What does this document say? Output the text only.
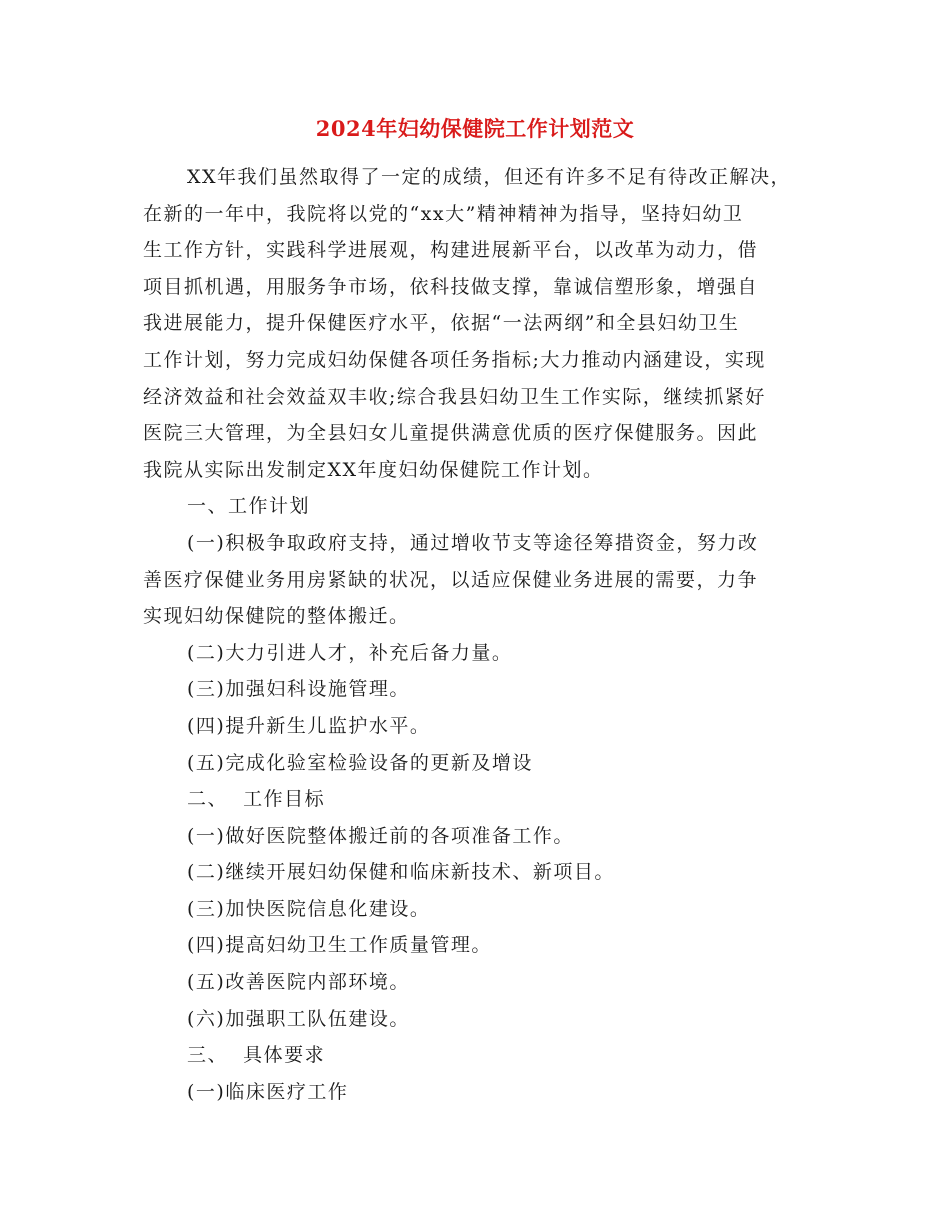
2024年妇幼保健院工作计划范文
XX年我们虽然取得了一定的成绩，但还有许多不足有待改正解决，
在新的一年中，我院将以党的“xx大”精神精神为指导，坚持妇幼卫
生工作方针，实践科学进展观，构建进展新平台，以改革为动力，借
项目抓机遇，用服务争市场，依科技做支撑，靠诚信塑形象，增强自
我进展能力，提升保健医疗水平，依据“一法两纲”和全县妇幼卫生
工作计划，努力完成妇幼保健各项任务指标;大力推动内涵建设，实现
经济效益和社会效益双丰收;综合我县妇幼卫生工作实际，继续抓紧好
医院三大管理，为全县妇女儿童提供满意优质的医疗保健服务。因此
我院从实际出发制定XX年度妇幼保健院工作计划。
一、工作计划
(一)积极争取政府支持，通过增收节支等途径筹措资金，努力改
善医疗保健业务用房紧缺的状况，以适应保健业务进展的需要，力争
实现妇幼保健院的整体搬迁。
(二)大力引进人才，补充后备力量。
(三)加强妇科设施管理。
(四)提升新生儿监护水平。
(五)完成化验室检验设备的更新及增设
二、  工作目标
(一)做好医院整体搬迁前的各项准备工作。
(二)继续开展妇幼保健和临床新技术、新项目。
(三)加快医院信息化建设。
(四)提高妇幼卫生工作质量管理。
(五)改善医院内部环境。
(六)加强职工队伍建设。
三、  具体要求
(一)临床医疗工作
